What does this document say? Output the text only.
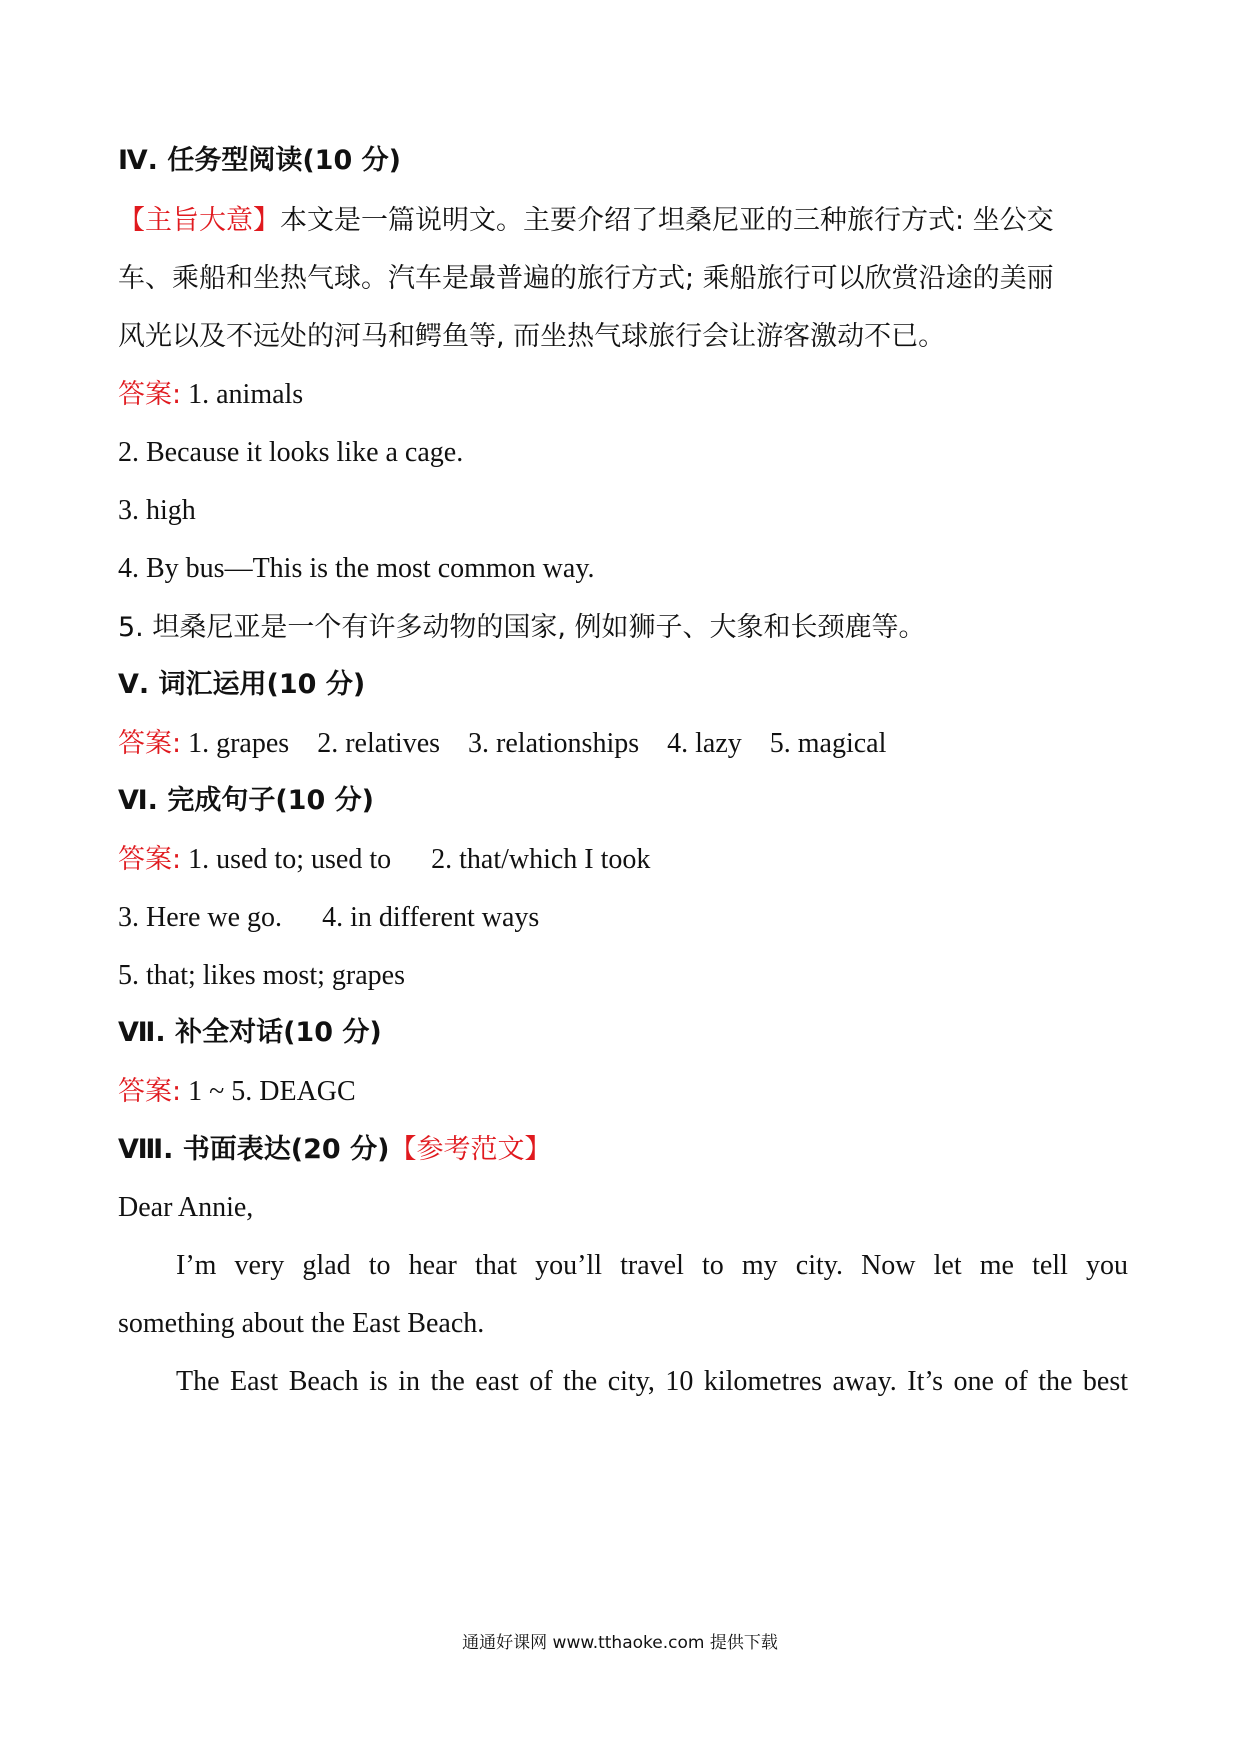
Ⅳ. 任务型阅读(10 分)
【主旨大意】本文是一篇说明文。主要介绍了坦桑尼亚的三种旅行方式: 坐公交
车、乘船和坐热气球。汽车是最普遍的旅行方式; 乘船旅行可以欣赏沿途的美丽
风光以及不远处的河马和鳄鱼等, 而坐热气球旅行会让游客激动不已。
答案: 1. animals
2. Because it looks like a cage.
3. high
4. By bus—This is the most common way.
5. 坦桑尼亚是一个有许多动物的国家, 例如狮子、大象和长颈鹿等。
Ⅴ. 词汇运用(10 分)
答案: 1. grapes 2. relatives 3. relationships 4. lazy 5. magical
Ⅵ. 完成句子(10 分)
答案: 1. used to; used to 2. that/which I took
3. Here we go. 4. in different ways
5. that; likes most; grapes
Ⅶ. 补全对话(10 分)
答案: 1 ~ 5. DEAGC
Ⅷ. 书面表达(20 分)【参考范文】
Dear Annie,
I’m very glad to hear that you’ll travel to my city. Now let me tell you
something about the East Beach.
The East Beach is in the east of the city, 10 kilometres away. It’s one of the best
通通好课网 www.tthaoke.com 提供下载
